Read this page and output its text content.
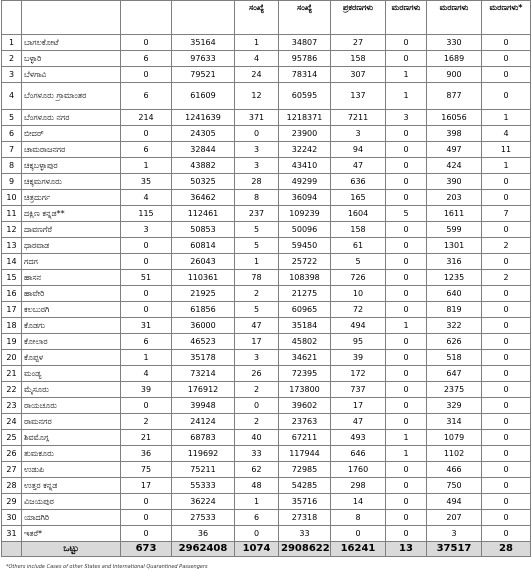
				ಸಂಖ್ಯೆ	ಸಂಖ್ಯೆ	ಪ್ರಕರಣಗಳು	ಮರಣಗಳು	ಮರಣಗಳು	ಮರಣಗಳು*
1	ಬಾಗಲಕೋಟೆ	0	35164	1	34807	27	0	330	0
2	ಬಳ್ಳಾರಿ	6	97633	4	95786	158	0	1689	0
3	ಬೆಳಗಾವಿ	0	79521	24	78314	307	1	900	0
4	ಬೆಂಗಳೂರು ಗ್ರಾಮಾಂತರ	6	61609	12	60595	137	1	877	0
5	ಬೆಂಗಳೂರು ನಗರ	214	1241639	371	1218371	7211	3	16056	1
6	ಬೀದರ್	0	24305	0	23900	3	0	398	4
7	ಚಾಮರಾಜನಗರ	6	32844	3	32242	94	0	497	11
8	ಚಿಕ್ಕಬಳ್ಳಾಪುರ	1	43882	3	43410	47	0	424	1
9	ಚಿಕ್ಕಮಗಳೂರು	35	50325	28	49299	636	0	390	0
10	ಚಿತ್ರದುರ್ಗ	4	36462	8	36094	165	0	203	0
11	ದಕ್ಷಿಣ ಕನ್ನಡ**	115	112461	237	109239	1604	5	1611	7
12	ದಾವಣಗೆರೆ	3	50853	5	50096	158	0	599	0
13	ಧಾರವಾಡ	0	60814	5	59450	61	0	1301	2
14	ಗದಗ	0	26043	1	25722	5	0	316	0
15	ಹಾಸನ	51	110361	78	108398	726	0	1235	2
16	ಹಾವೇರಿ	0	21925	2	21275	10	0	640	0
17	ಕಲಬುರಗಿ	0	61856	5	60965	72	0	819	0
18	ಕೊಡಗು	31	36000	47	35184	494	1	322	0
19	ಕೋಲಾರ	6	46523	17	45802	95	0	626	0
20	ಕೊಪ್ಪಳ	1	35178	3	34621	39	0	518	0
21	ಮಂಡ್ಯ	4	73214	26	72395	172	0	647	0
22	ಮೈಸೂರು	39	176912	2	173800	737	0	2375	0
23	ರಾಯಚೂರು	0	39948	0	39602	17	0	329	0
24	ರಾಮನಗರ	2	24124	2	23763	47	0	314	0
25	ಶಿವಮೊಗ್ಗ	21	68783	40	67211	493	1	1079	0
26	ತುಮಕೂರು	36	119692	33	117944	646	1	1102	0
27	ಉಡುಪಿ	75	75211	62	72985	1760	0	466	0
28	ಉತ್ತರ ಕನ್ನಡ	17	55333	48	54285	298	0	750	0
29	ವಿಜಯಪುರ	0	36224	1	35716	14	0	494	0
30	ಯಾದಗಿರಿ	0	27533	6	27318	8	0	207	0
31	ಇತರೆ*	0	36	0	33	0	0	3	0
	ಒಟ್ಟು	673	2962408	1074	2908622	16241	13	37517	28
*Others include Cases of other States and International Quarantined Passengers
